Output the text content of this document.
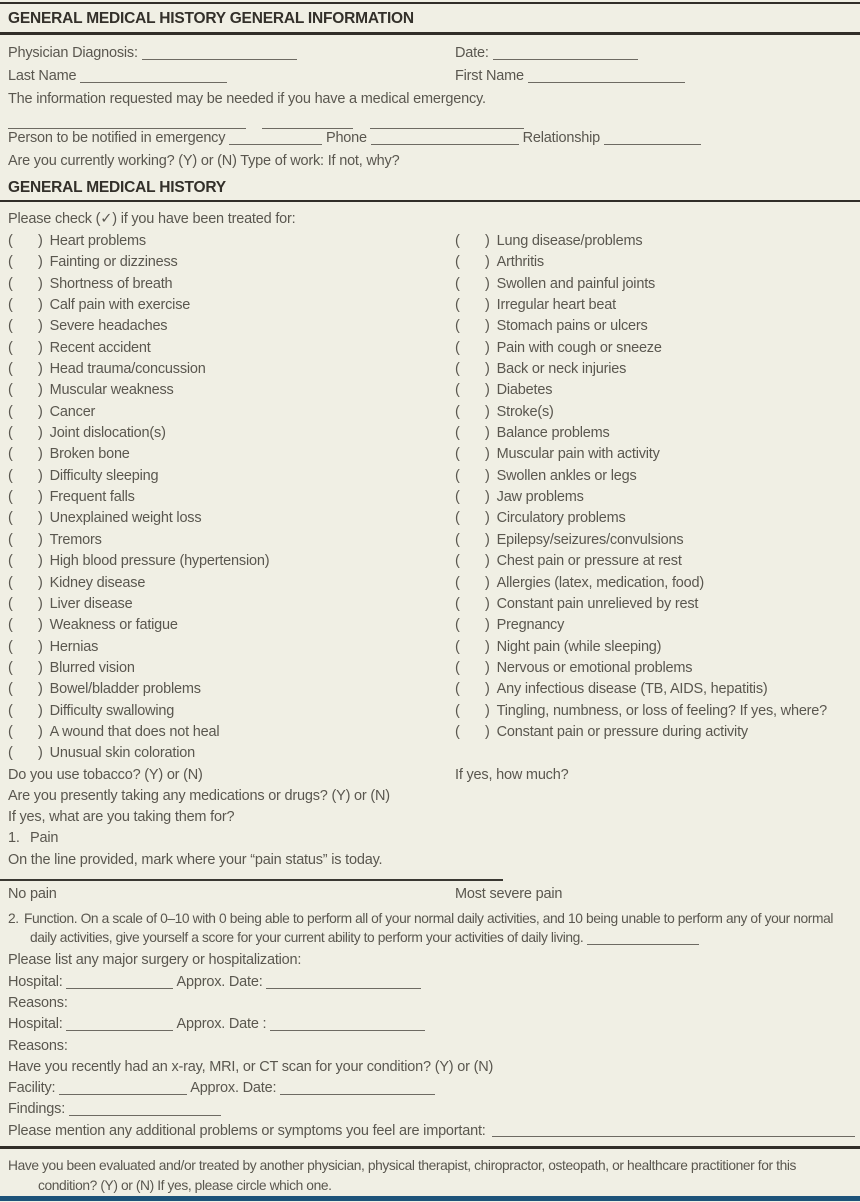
GENERAL MEDICAL HISTORY GENERAL INFORMATION
Physician Diagnosis:	Date:
Last Name	First Name
The information requested may be needed if you have a medical emergency.

Person to be notified in emergency	Phone	Relationship
Are you currently working? (Y) or (N) Type of work: If not, why?
GENERAL MEDICAL HISTORY
Please check (✓) if you have been treated for:
( ) Heart problems
( ) Fainting or dizziness
( ) Shortness of breath
( ) Calf pain with exercise
( ) Severe headaches
( ) Recent accident
( ) Head trauma/concussion
( ) Muscular weakness
( ) Cancer
( ) Joint dislocation(s)
( ) Broken bone
( ) Difficulty sleeping
( ) Frequent falls
( ) Unexplained weight loss
( ) Tremors
( ) High blood pressure (hypertension)
( ) Kidney disease
( ) Liver disease
( ) Weakness or fatigue
( ) Hernias
( ) Blurred vision
( ) Bowel/bladder problems
( ) Difficulty swallowing
( ) A wound that does not heal
( ) Unusual skin coloration
( ) Lung disease/problems
( ) Arthritis
( ) Swollen and painful joints
( ) Irregular heart beat
( ) Stomach pains or ulcers
( ) Pain with cough or sneeze
( ) Back or neck injuries
( ) Diabetes
( ) Stroke(s)
( ) Balance problems
( ) Muscular pain with activity
( ) Swollen ankles or legs
( ) Jaw problems
( ) Circulatory problems
( ) Epilepsy/seizures/convulsions
( ) Chest pain or pressure at rest
( ) Allergies (latex, medication, food)
( ) Constant pain unrelieved by rest
( ) Pregnancy
( ) Night pain (while sleeping)
( ) Nervous or emotional problems
( ) Any infectious disease (TB, AIDS, hepatitis)
( ) Tingling, numbness, or loss of feeling? If yes, where?
( ) Constant pain or pressure during activity
Do you use tobacco? (Y) or (N)	If yes, how much?
Are you presently taking any medications or drugs? (Y) or (N)
If yes, what are you taking them for?
1. Pain
On the line provided, mark where your “pain status” is today.
No pain	Most severe pain
2. Function. On a scale of 0–10 with 0 being able to perform all of your normal daily activities, and 10 being unable to perform any of your normal daily activities, give yourself a score for your current ability to perform your activities of daily living.
Please list any major surgery or hospitalization:
Hospital:	Approx. Date:
Reasons:
Hospital:	Approx. Date :
Reasons:
Have you recently had an x-ray, MRI, or CT scan for your condition? (Y) or (N)
Facility:	Approx. Date:
Findings:
Please mention any additional problems or symptoms you feel are important:
Have you been evaluated and/or treated by another physician, physical therapist, chiropractor, osteopath, or healthcare practitioner for this condition? (Y) or (N) If yes, please circle which one.
